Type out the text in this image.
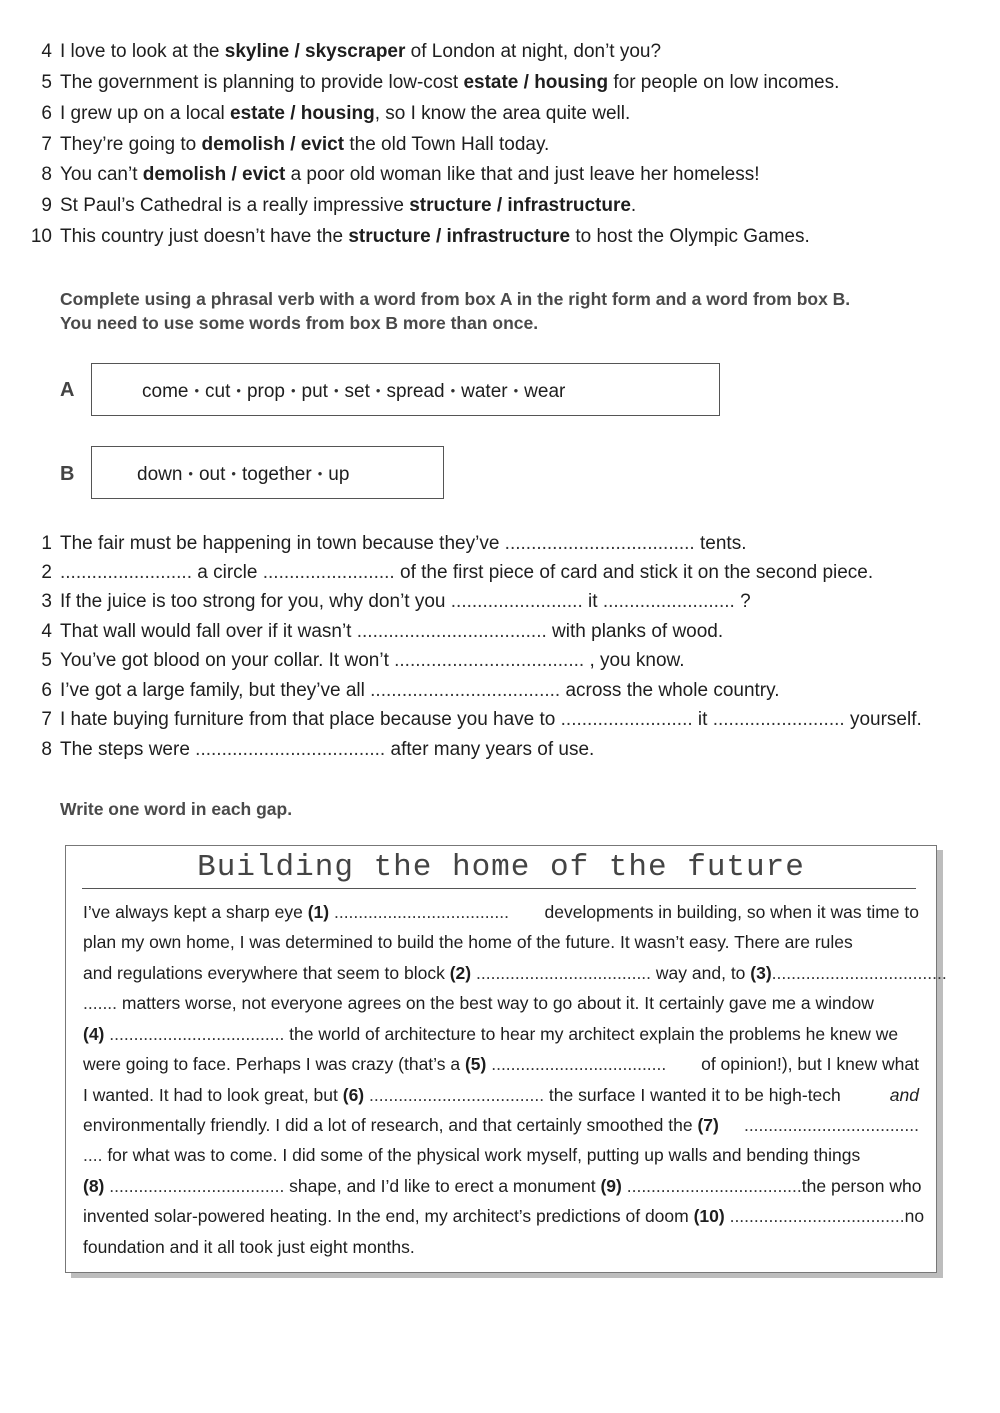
4 I love to look at the skyline / skyscraper of London at night, don’t you?
5 The government is planning to provide low-cost estate / housing for people on low incomes.
6 I grew up on a local estate / housing, so I know the area quite well.
7 They’re going to demolish / evict the old Town Hall today.
8 You can’t demolish / evict a poor old woman like that and just leave her homeless!
9 St Paul’s Cathedral is a really impressive structure / infrastructure.
10 This country just doesn’t have the structure / infrastructure to host the Olympic Games.
Complete using a phrasal verb with a word from box A in the right form and a word from box B.
You need to use some words from box B more than once.
A	come • cut • prop • put • set • spread • water • wear
B	down • out • together • up
1 The fair must be happening in town because they’ve .................................... tents.
2 ......................... a circle ......................... of the first piece of card and stick it on the second piece.
3 If the juice is too strong for you, why don’t you ......................... it ......................... ?
4 That wall would fall over if it wasn’t .................................... with planks of wood.
5 You’ve got blood on your collar. It won’t .................................... , you know.
6 I’ve got a large family, but they’ve all .................................... across the whole country.
7 I hate buying furniture from that place because you have to ......................... it ......................... yourself.
8 The steps were .................................... after many years of use.
Write one word in each gap.
Building the home of the future
I’ve always kept a sharp eye (1) .................................... developments in building, so when it was time to
plan my own home, I was determined to build the home of the future. It wasn’t easy. There are rules
and regulations everywhere that seem to block (2) .................................... way and, to (3) ....................................
....... matters worse, not everyone agrees on the best way to go about it. It certainly gave me a window
(4) .................................... the world of architecture to hear my architect explain the problems he knew we
were going to face. Perhaps I was crazy (that’s a (5) .................................... of opinion!), but I knew what
I wanted. It had to look great, but (6) .................................... the surface I wanted it to be high-tech	and
environmentally friendly. I did a lot of research, and that certainly smoothed the (7) ....................................
.... for what was to come. I did some of the physical work myself, putting up walls and bending things
(8) .................................... shape, and I’d like to erect a monument (9) .................................... the person who
invented solar-powered heating. In the end, my architect’s predictions of doom (10) .................................... no
foundation and it all took just eight months.
